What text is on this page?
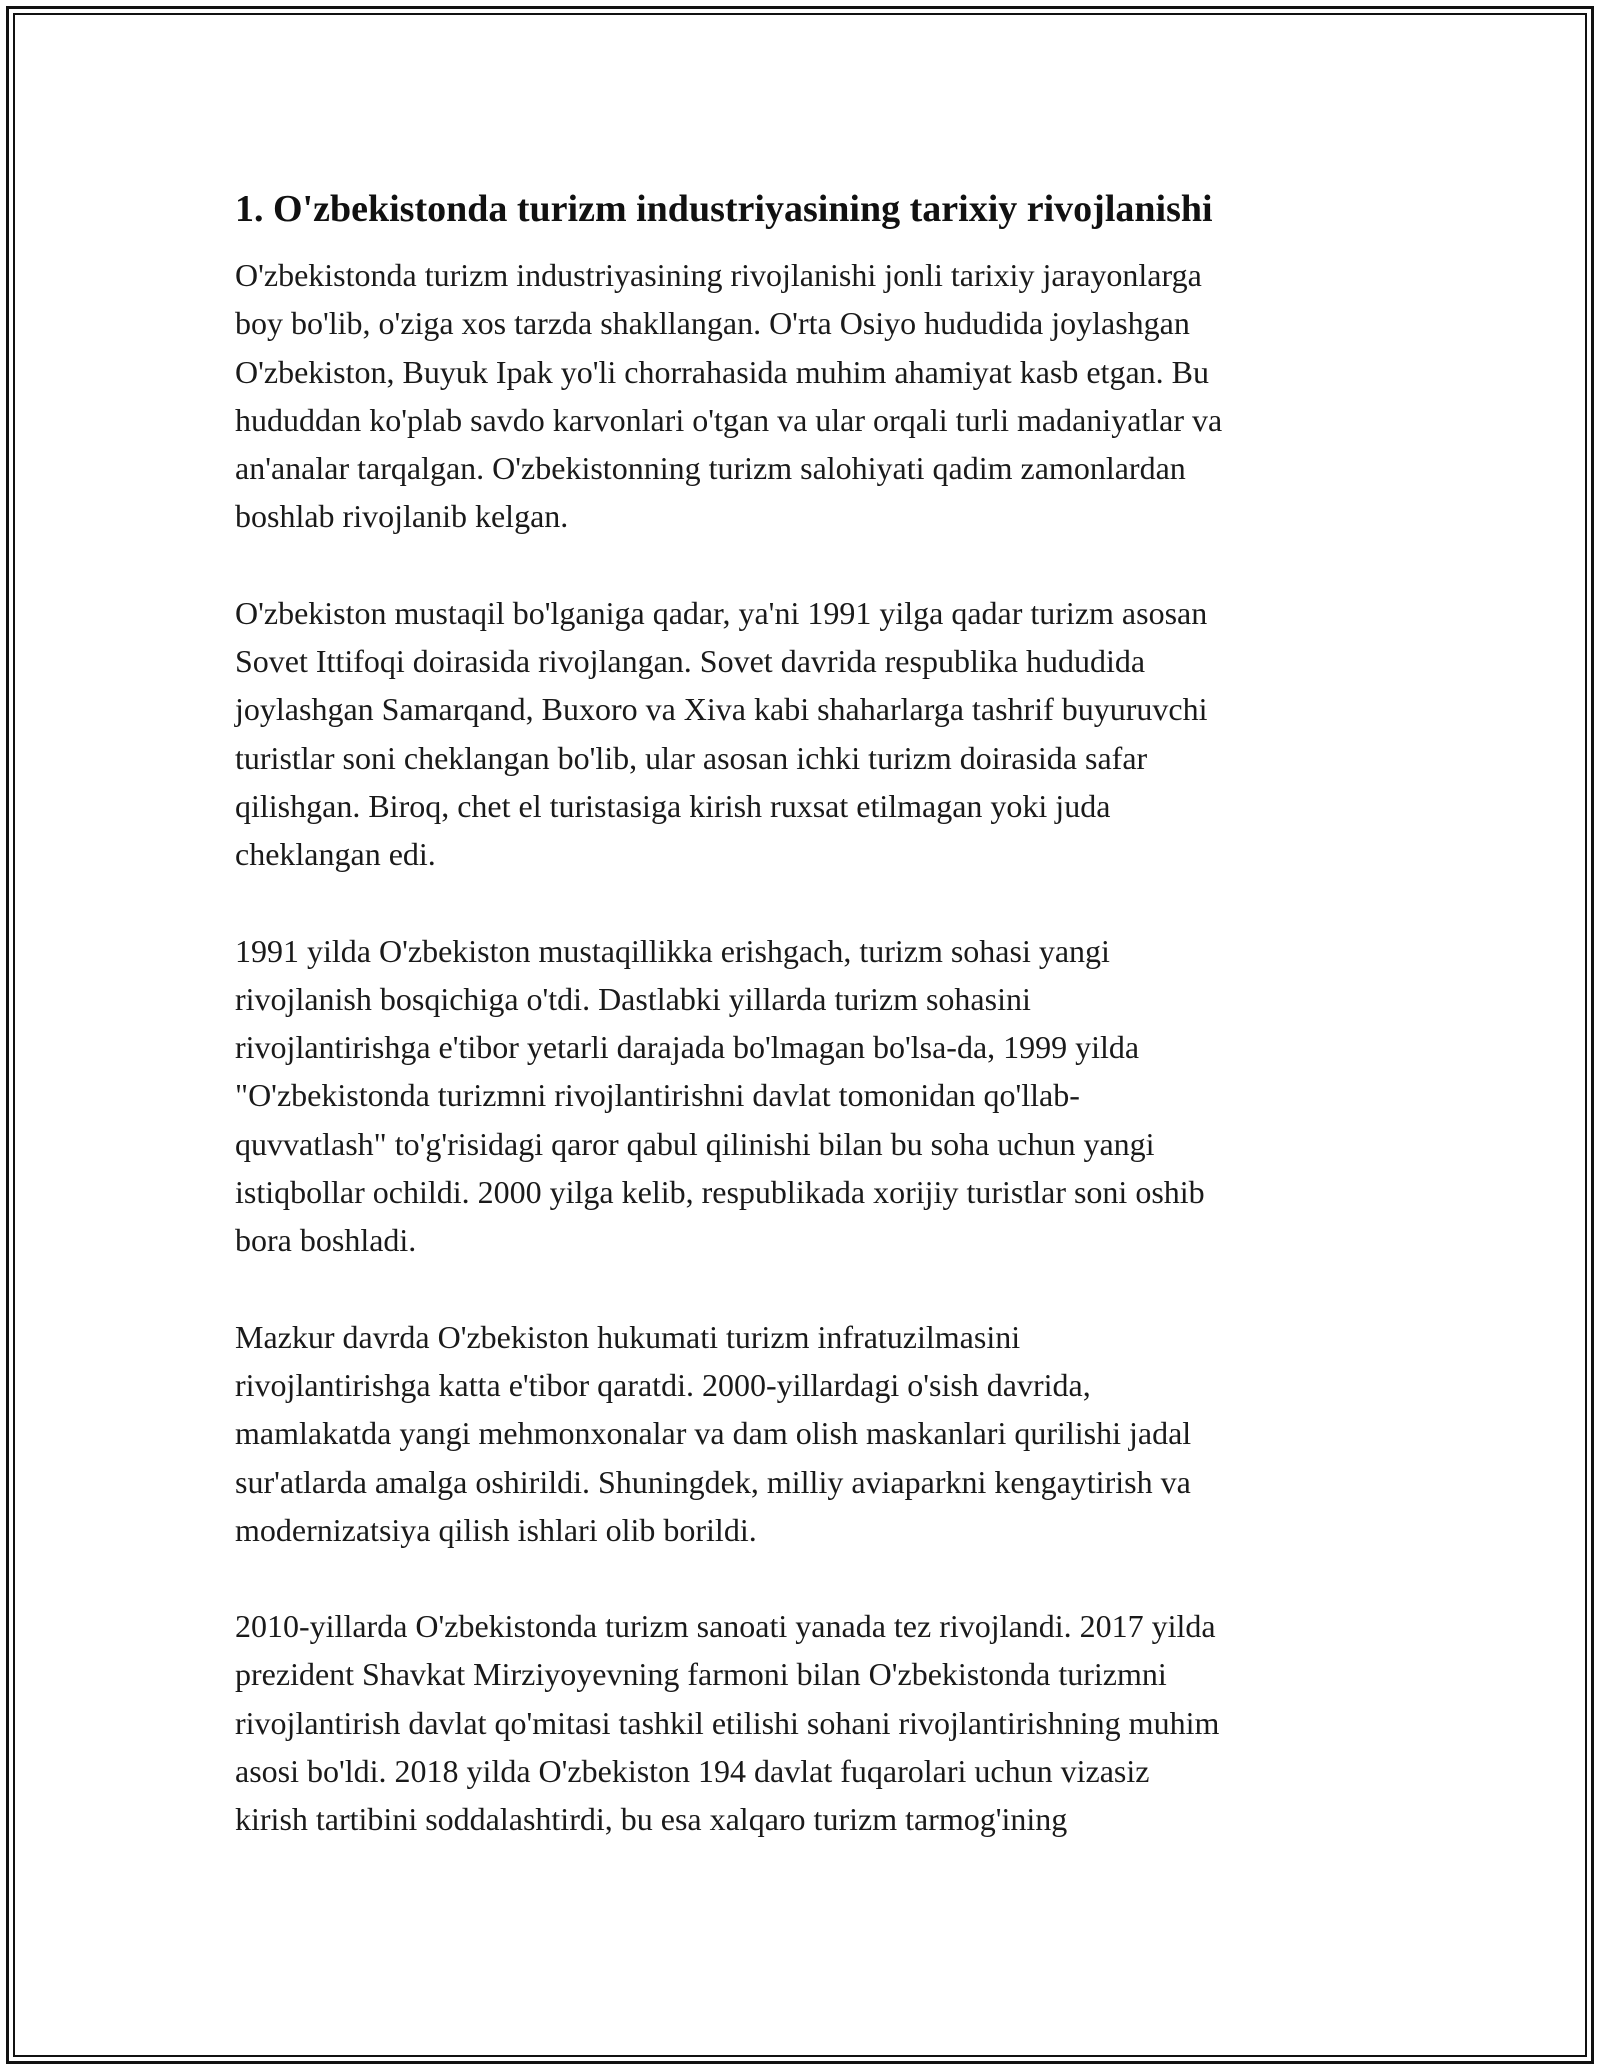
1. O'zbekistonda turizm industriyasining tarixiy rivojlanishi

O'zbekistonda turizm industriyasining rivojlanishi jonli tarixiy jarayonlarga
boy bo'lib, o'ziga xos tarzda shakllangan. O'rta Osiyo hududida joylashgan
O'zbekiston, Buyuk Ipak yo'li chorrahasida muhim ahamiyat kasb etgan. Bu
hududdan ko'plab savdo karvonlari o'tgan va ular orqali turli madaniyatlar va
an'analar tarqalgan. O'zbekistonning turizm salohiyati qadim zamonlardan
boshlab rivojlanib kelgan.

O'zbekiston mustaqil bo'lganiga qadar, ya'ni 1991 yilga qadar turizm asosan
Sovet Ittifoqi doirasida rivojlangan. Sovet davrida respublika hududida
joylashgan Samarqand, Buxoro va Xiva kabi shaharlarga tashrif buyuruvchi
turistlar soni cheklangan bo'lib, ular asosan ichki turizm doirasida safar
qilishgan. Biroq, chet el turistasiga kirish ruxsat etilmagan yoki juda
cheklangan edi.

1991 yilda O'zbekiston mustaqillikka erishgach, turizm sohasi yangi
rivojlanish bosqichiga o'tdi. Dastlabki yillarda turizm sohasini
rivojlantirishga e'tibor yetarli darajada bo'lmagan bo'lsa-da, 1999 yilda
"O'zbekistonda turizmni rivojlantirishni davlat tomonidan qo'llab-
quvvatlash" to'g'risidagi qaror qabul qilinishi bilan bu soha uchun yangi
istiqbollar ochildi. 2000 yilga kelib, respublikada xorijiy turistlar soni oshib
bora boshladi.

Mazkur davrda O'zbekiston hukumati turizm infratuzilmasini
rivojlantirishga katta e'tibor qaratdi. 2000-yillardagi o'sish davrida,
mamlakatda yangi mehmonxonalar va dam olish maskanlari qurilishi jadal
sur'atlarda amalga oshirildi. Shuningdek, milliy aviaparkni kengaytirish va
modernizatsiya qilish ishlari olib borildi.

2010-yillarda O'zbekistonda turizm sanoati yanada tez rivojlandi. 2017 yilda
prezident Shavkat Mirziyoyevning farmoni bilan O'zbekistonda turizmni
rivojlantirish davlat qo'mitasi tashkil etilishi sohani rivojlantirishning muhim
asosi bo'ldi. 2018 yilda O'zbekiston 194 davlat fuqarolari uchun vizasiz
kirish tartibini soddalashtirdi, bu esa xalqaro turizm tarmog'ining
